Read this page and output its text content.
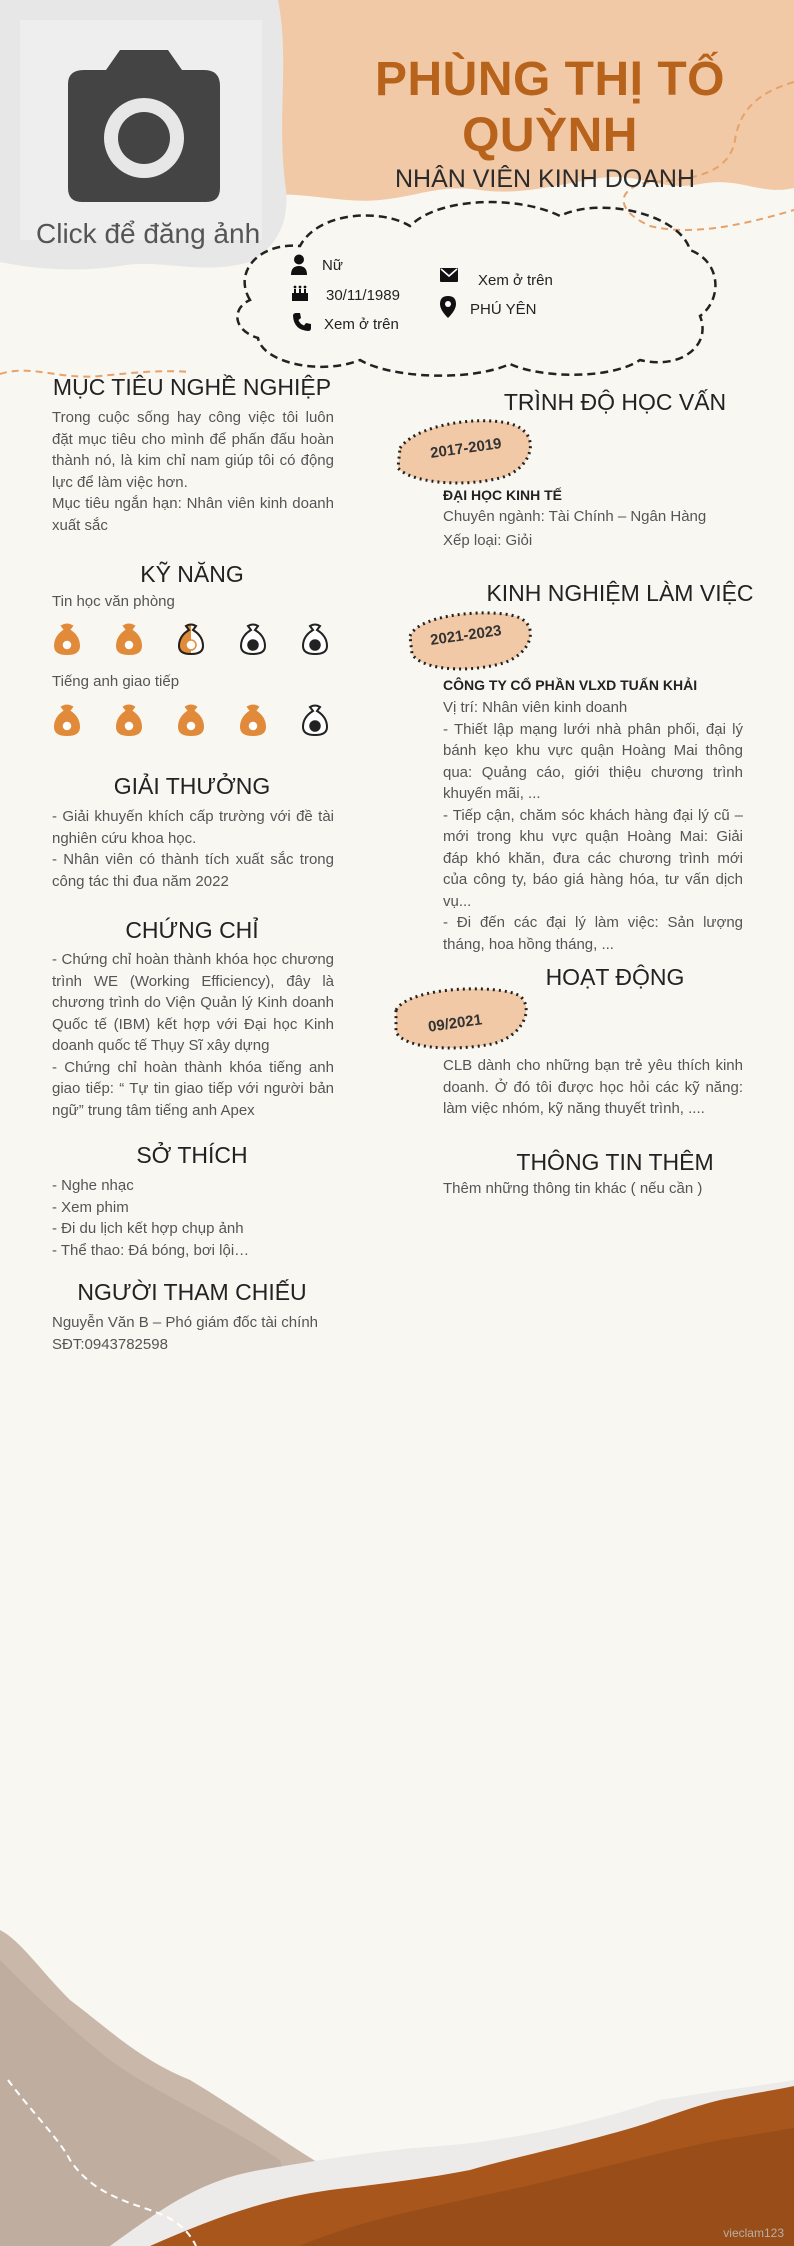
Click để đăng ảnh
PHÙNG THỊ TỐ
QUỲNH
NHÂN VIÊN KINH DOANH
Nữ
30/11/1989
Xem ở trên
Xem ở trên
PHÚ YÊN
MỤC TIÊU NGHỀ NGHIỆP
Trong cuộc sống hay công việc tôi luôn đặt mục tiêu cho mình để phấn đấu hoàn thành nó, là kim chỉ nam giúp tôi có động lực để làm việc hơn.
Mục tiêu ngắn hạn: Nhân viên kinh doanh xuất sắc
KỸ NĂNG
Tin học văn phòng
Tiếng anh giao tiếp
GIẢI THƯỞNG
- Giải khuyến khích cấp trường với đề tài nghiên cứu khoa học.
- Nhân viên có thành tích xuất sắc trong công tác thi đua năm 2022
CHỨNG CHỈ
- Chứng chỉ hoàn thành khóa học chương trình WE (Working Efficiency), đây là chương trình do Viện Quản lý Kinh doanh Quốc tế (IBM) kết hợp với Đại học Kinh doanh quốc tế Thụy Sĩ xây dựng
- Chứng chỉ hoàn thành khóa tiếng anh giao tiếp: “ Tự tin giao tiếp với người bản ngữ” trung tâm tiếng anh Apex
SỞ THÍCH
- Nghe nhạc
- Xem phim
- Đi du lịch kết hợp chụp ảnh
- Thể thao: Đá bóng, bơi lội…
NGƯỜI THAM CHIẾU
Nguyễn Văn B – Phó giám đốc tài chính
SĐT:0943782598
TRÌNH ĐỘ HỌC VẤN
2017-2019
ĐẠI HỌC KINH TẾ
Chuyên ngành: Tài Chính – Ngân Hàng
Xếp loại: Giỏi
KINH NGHIỆM LÀM VIỆC
2021-2023
CÔNG TY CỔ PHẦN VLXD TUẤN KHẢI
Vị trí: Nhân viên kinh doanh
- Thiết lập mạng lưới nhà phân phối, đại lý bánh kẹo khu vực quận Hoàng Mai thông qua: Quảng cáo, giới thiệu chương trình khuyến mãi, ...
- Tiếp cận, chăm sóc khách hàng đại lý cũ – mới trong khu vực quận Hoàng Mai: Giải đáp khó khăn, đưa các chương trình mới của công ty, báo giá hàng hóa, tư vấn dịch vụ...
- Đi đến các đại lý làm việc: Sản lượng tháng, hoa hồng tháng, ...
HOẠT ĐỘNG
09/2021
CLB dành cho những bạn trẻ yêu thích kinh doanh. Ở đó tôi được học hỏi các kỹ năng: làm việc nhóm, kỹ năng thuyết trình, ....
THÔNG TIN THÊM
Thêm những thông tin khác ( nếu cần )
vieclam123
